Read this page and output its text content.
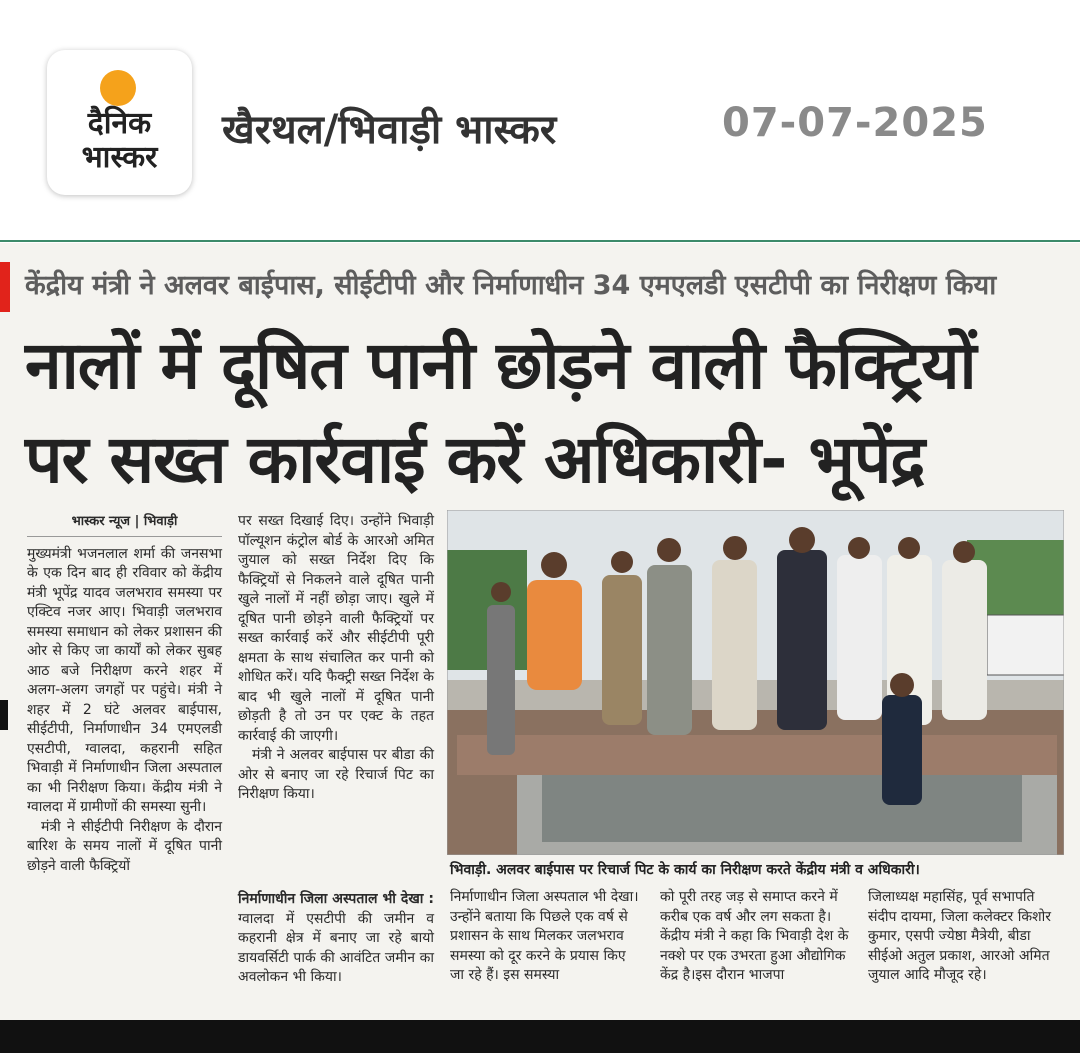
दैनिक
भास्कर
खैरथल/भिवाड़ी भास्कर	07-07-2025
केंद्रीय मंत्री ने अलवर बाईपास, सीईटीपी और निर्माणाधीन 34 एमएलडी एसटीपी का निरीक्षण किया
नालों में दूषित पानी छोड़ने वाली फैक्ट्रियों
पर सख्त कार्रवाई करें अधिकारी- भूपेंद्र
भास्कर न्यूज | भिवाड़ी
मुख्यमंत्री भजनलाल शर्मा की जनसभा के एक दिन बाद ही रविवार को केंद्रीय मंत्री भूपेंद्र यादव जलभराव समस्या पर एक्टिव नजर आए। भिवाड़ी जलभराव समस्या समाधान को लेकर प्रशासन की ओर से किए जा कार्यों को लेकर सुबह आठ बजे निरीक्षण करने शहर में अलग-अलग जगहों पर पहुंचे। मंत्री ने शहर में 2 घंटे अलवर बाईपास, सीईटीपी, निर्माणाधीन 34 एमएलडी एसटीपी, ग्वालदा, कहरानी सहित भिवाड़ी में निर्माणाधीन जिला अस्पताल का भी निरीक्षण किया। केंद्रीय मंत्री ने ग्वालदा में ग्रामीणों की समस्या सुनी।
मंत्री ने सीईटीपी निरीक्षण के दौरान बारिश के समय नालों में दूषित पानी छोड़ने वाली फैक्ट्रियों
पर सख्त दिखाई दिए। उन्होंने भिवाड़ी पॉल्यूशन कंट्रोल बोर्ड के आरओ अमित जुयाल को सख्त निर्देश दिए कि फैक्ट्रियों से निकलने वाले दूषित पानी खुले नालों में नहीं छोड़ा जाए। खुले में दूषित पानी छोड़ने वाली फैक्ट्रियों पर सख्त कार्रवाई करें और सीईटीपी पूरी क्षमता के साथ संचालित कर पानी को शोधित करें। यदि फैक्ट्री सख्त निर्देश के बाद भी खुले नालों में दूषित पानी छोड़ती है तो उन पर एक्ट के तहत कार्रवाई की जाएगी।
मंत्री ने अलवर बाईपास पर बीडा की ओर से बनाए जा रहे रिचार्ज पिट का निरीक्षण किया।
निर्माणाधीन जिला अस्पताल भी देखा : ग्वालदा में एसटीपी की जमीन व कहरानी क्षेत्र में बनाए जा रहे बायो डायवर्सिटी पार्क की आवंटित जमीन का अवलोकन भी किया।
भिवाड़ी. अलवर बाईपास पर रिचार्ज पिट के कार्य का निरीक्षण करते केंद्रीय मंत्री व अधिकारी।
निर्माणाधीन जिला अस्पताल भी देखा। उन्होंने बताया कि पिछले एक वर्ष से प्रशासन के साथ मिलकर जलभराव समस्या को दूर करने के प्रयास किए जा रहे हैं। इस समस्या
को पूरी तरह जड़ से समाप्त करने में करीब एक वर्ष और लग सकता है। केंद्रीय मंत्री ने कहा कि भिवाड़ी देश के नक्शे पर एक उभरता हुआ औद्योगिक केंद्र है।इस दौरान भाजपा
जिलाध्यक्ष महासिंह, पूर्व सभापति संदीप दायमा, जिला कलेक्टर किशोर कुमार, एसपी ज्येष्ठा मैत्रेयी, बीडा सीईओ अतुल प्रकाश, आरओ अमित जुयाल आदि मौजूद रहे।
